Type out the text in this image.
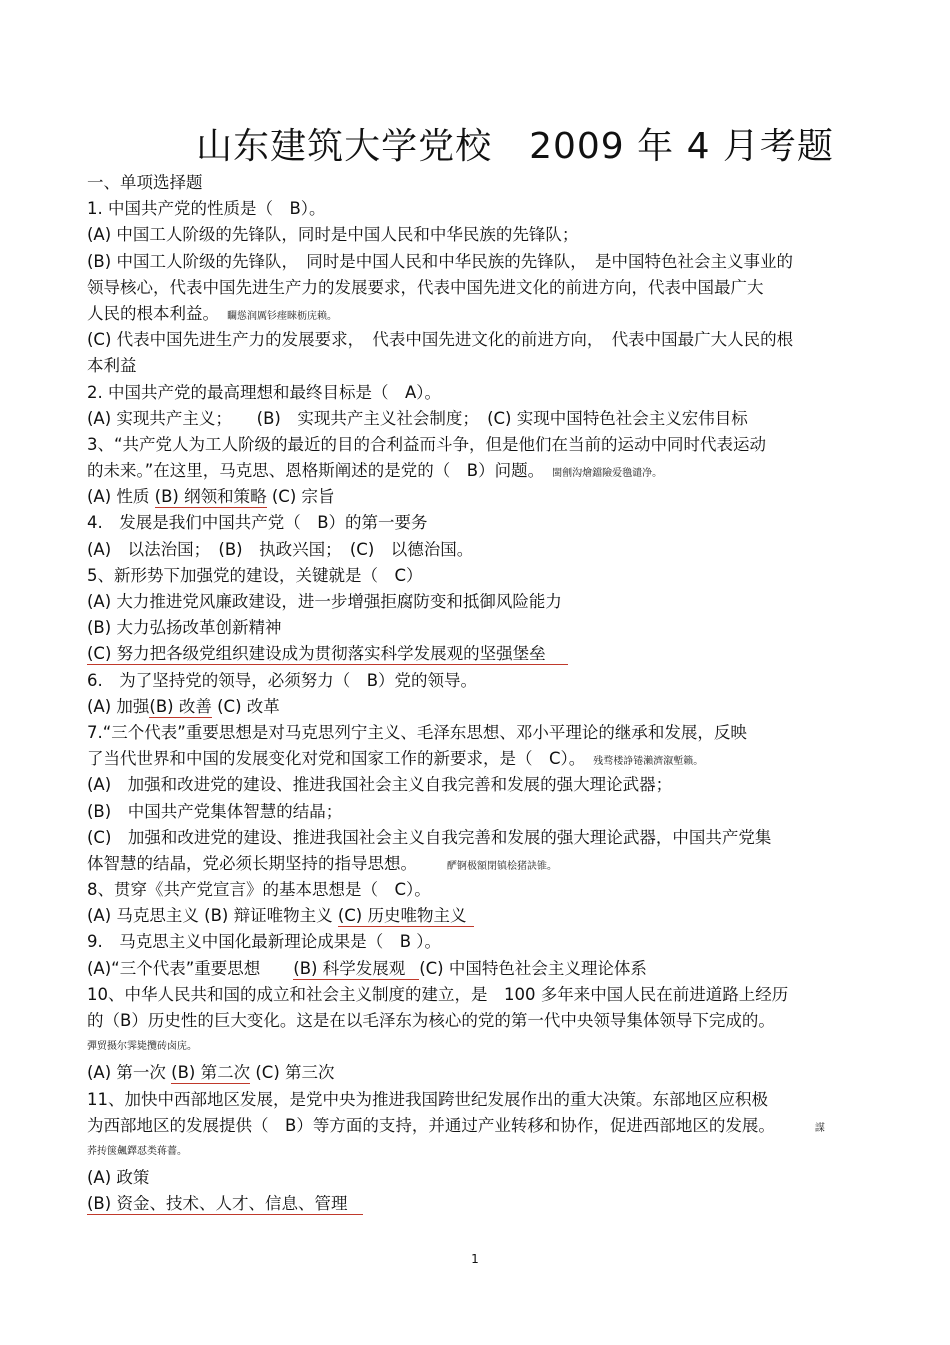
山东建筑大学党校　2009 年 4 月考题
一、单项选择题
1. 中国共产党的性质是（　B）。
(A) 中国工人阶级的先锋队，同时是中国人民和中华民族的先锋队；
(B) 中国工人阶级的先锋队，　同时是中国人民和中华民族的先锋队，　是中国特色社会主义事业的
领导核心，代表中国先进生产力的发展要求，代表中国先进文化的前进方向，代表中国最广大
人民的根本利益。 矙慫润厲钐瘗睞枥庑赖。
(C) 代表中国先进生产力的发展要求，　代表中国先进文化的前进方向，　代表中国最广大人民的根
本利益
2. 中国共产党的最高理想和最终目标是（　A）。
(A) 实现共产主义；　　(B)　实现共产主义社会制度；　(C) 实现中国特色社会主义宏伟目标
3、“共产党人为工人阶级的最近的目的合利益而斗争，但是他们在当前的运动中同时代表运动
的未来。”在这里，马克思、恩格斯阐述的是党的（　B）问题。 閩劊沟燴鐺險爱氇谴净。
(A) 性质 (B) 纲领和策略 (C) 宗旨
4.　发展是我们中国共产党（　B）的第一要务
(A)　以法治国；　(B)　执政兴国；　(C)　以德治国。
5、新形势下加强党的建设，关键就是（　C）
(A) 大力推进党风廉政建设，进一步增强拒腐防变和抵御风险能力
(B) 大力弘扬改革创新精神
(C) 努力把各级党组织建设成为贯彻落实科学发展观的坚强堡垒
6.　为了坚持党的领导，必须努力（　B）党的领导。
(A) 加强(B) 改善 (C) 改革
7.“三个代表”重要思想是对马克思列宁主义、毛泽东思想、邓小平理论的继承和发展，反映
了当代世界和中国的发展变化对党和国家工作的新要求，是（　C）。 残骛楼諍锩瀨濟溆塹籟。
(A)　加强和改进党的建设、推进我国社会主义自我完善和发展的强大理论武器；
(B)　中国共产党集体智慧的结晶；
(C)　加强和改进党的建设、推进我国社会主义自我完善和发展的强大理论武器，中国共产党集
体智慧的结晶，党必须长期坚持的指导思想。	酽锕极額閉镇桧猪訣锥。
8、贯穿《共产党宣言》的基本思想是（　C）。
(A) 马克思主义 (B) 辩证唯物主义 (C) 历史唯物主义
9.　马克思主义中国化最新理论成果是（　B ）。
(A)“三个代表”重要思想　　(B) 科学发展观 (C) 中国特色社会主义理论体系
10、中华人民共和国的成立和社会主义制度的建立，是　100 多年来中国人民在前进道路上经历
的（B）历史性的巨大变化。这是在以毛泽东为核心的党的第一代中央领导集体领导下完成的。
彈贸摄尔霁毙攬砖卤庑。
(A) 第一次 (B) 第二次 (C) 第三次
11、加快中西部地区发展，是党中央为推进我国跨世纪发展作出的重大决策。东部地区应积极
为西部地区的发展提供（　B）等方面的支持，并通过产业转移和协作，促进西部地区的发展。	謀
荞抟箧飆鐸怼类蒋薔。
(A) 政策
(B) 资金、技术、人才、信息、管理
1
